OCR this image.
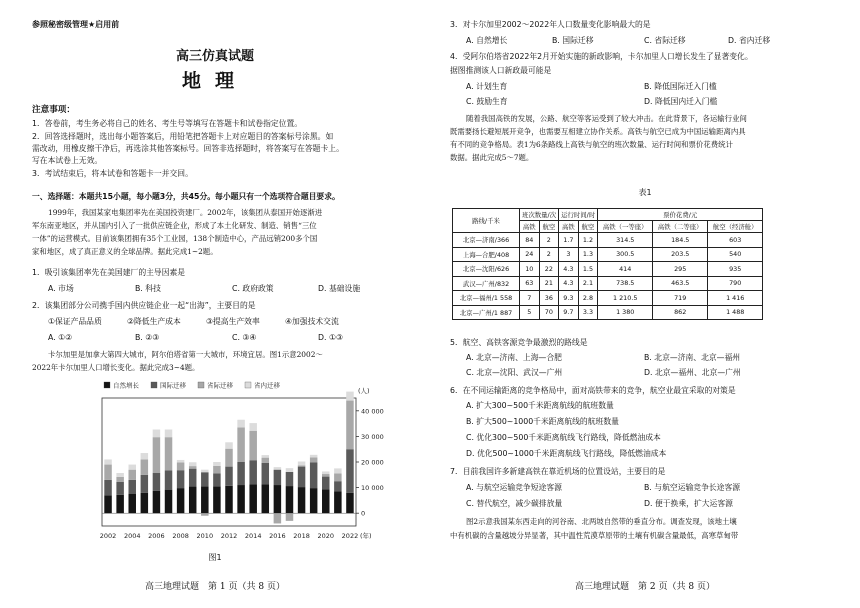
参照秘密级管理★启用前
高三仿真试题
地理
注意事项：
1．答卷前，考生务必将自己的姓名、考生号等填写在答题卡和试卷指定位置。
2．回答选择题时，选出每小题答案后，用铅笔把答题卡上对应题目的答案标号涂黑。如
需改动，用橡皮擦干净后，再选涂其他答案标号。回答非选择题时，将答案写在答题卡上。
写在本试卷上无效。
3．考试结束后，将本试卷和答题卡一并交回。
一、选择题：本题共15小题，每小题3分，共45分。每小题只有一个选项符合题目要求。
1999年，我国某家电集团率先在美国投资建厂。2002年，该集团从泰国开始逐渐进
军东南亚地区，并从国内引入了一批供应链企业，形成了本土化研发、制造、销售“三位
一体”的运营模式。目前该集团拥有35个工业园，138个制造中心，产品远销200多个国
家和地区，成了真正意义的全球品牌。据此完成1~2题。
1．吸引该集团率先在美国建厂的主导因素是
A. 市场	B. 科技	C. 政府政策	D. 基础设施
2．该集团部分公司携手国内供应链企业一起“出海”，主要目的是
①保证产品品质	②降低生产成本	③提高生产效率	④加强技术交流
A. ①②	B. ②③	C. ③④	D. ①③
卡尔加里是加拿大第四大城市，阿尔伯塔省第一大城市，环境宜居。图1示意2002～
2022年卡尔加里人口增长变化。据此完成3~4题。
0
10 000
20 000
30 000
40 000
(人)
2002 2004 2006 2008 2010 2012 2014 2016 2018 2020 2022 (年)
自然增长	国际迁移	省际迁移	省内迁移
图1
高三地理试题　第 1 页（共 8 页）
3．对卡尔加里2002～2022年人口数量变化影响最大的是
A. 自然增长	B. 国际迁移	C. 省际迁移	D. 省内迁移
4．受阿尔伯塔省2022年2月开始实施的新政影响，卡尔加里人口增长发生了显著变化。
据图推测该人口新政最可能是
A. 计划生育	B. 降低国际迁入门槛
C. 鼓励生育	D. 降低国内迁入门槛
随着我国高铁的发展，公路、航空等客运受到了较大冲击。在此背景下，各运输行业间
既需要扬长避短展开竞争，也需要互相建立协作关系。高铁与航空已成为中国运输距离内具
有不同的竞争格局。表1为6条路线上高铁与航空的班次数量、运行时间和票价花费统计
数据。据此完成5～7题。
表1
路线/千米	班次数量/次		运行时间/时		票价花费/元		
	高铁	航空	高铁	航空	高铁（一等座）	高铁（二等座）	航空（经济舱）
北京—济南/366	84	2	1.7	1.2	314.5	184.5	603
上海—合肥/408	24	2	3	1.3	300.5	203.5	540
北京—沈阳/626	10	22	4.3	1.5	414	295	935
武汉—广州/832	63	21	4.3	2.1	738.5	463.5	790
北京—福州/1 558	7	36	9.3	2.8	1 210.5	719	1 416
北京—广州/1 887	5	70	9.7	3.3	1 380	862	1 488
5．航空、高铁客源竞争最激烈的路线是
A. 北京—济南、上海—合肥	B. 北京—济南、北京—福州
C. 北京—沈阳、武汉—广州	D. 北京—福州、北京—广州
6．在不同运输距离的竞争格局中，面对高铁带来的竞争，航空业最宜采取的对策是
A. 扩大300~500千米距离航线的航班数量
B. 扩大500~1000千米距离航线的航班数量
C. 优化300~500千米距离航线飞行路线，降低燃油成本
D. 优化500~1000千米距离航线飞行路线，降低燃油成本
7．目前我国许多新建高铁在靠近机场的位置设站，主要目的是
A. 与航空运输竞争短途客源	B. 与航空运输竞争长途客源
C. 替代航空，减少碳排放量	D. 便于换乘，扩大运客源
图2示意我国某东西走向的河谷南、北两坡自然带的垂直分布。调查发现，该地土壤
中有机碳的含量越坡分异显著，其中温性荒漠草原带的土壤有机碳含量最低，高寒草甸带
高三地理试题　第 2 页（共 8 页）
